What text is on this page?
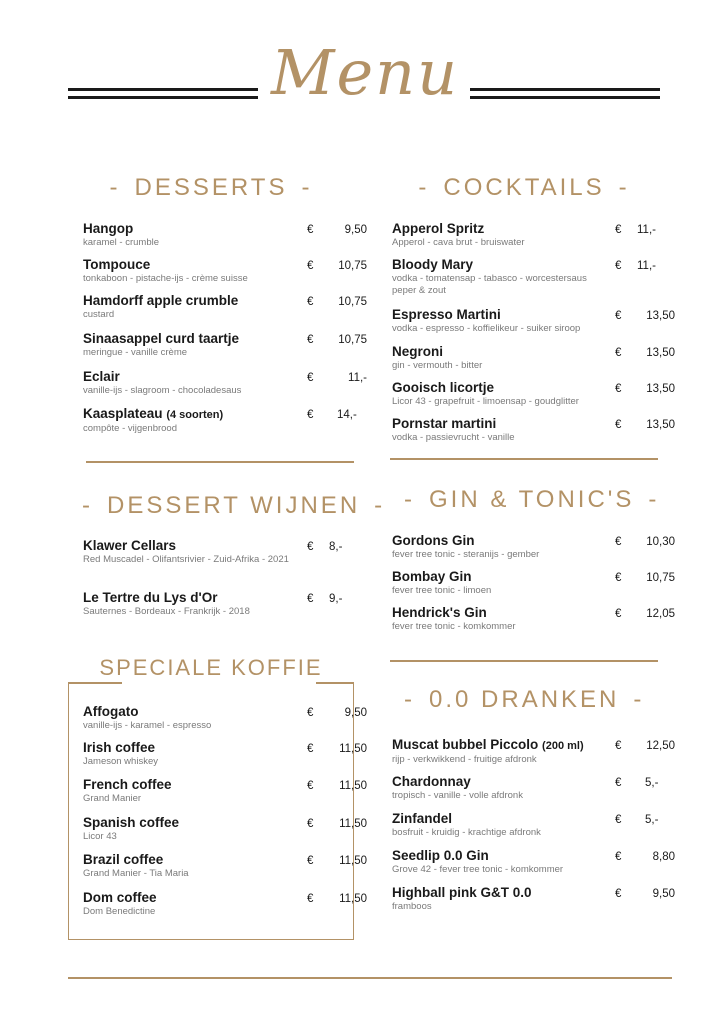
Menu
- DESSERTS -	- COCKTAILS -
- DESSERT WIJNEN - - GIN & TONIC'S -
SPECIALE KOFFIE
- 0.0 DRANKEN -
Hangop
karamel - crumble
€	9,50
Tompouce
tonkaboon - pistache-ijs - crème suisse
€ 10,75
Hamdorff apple crumble
custard
€ 10,75
Sinaasappel curd taartje
meringue - vanille crème
€ 10,75
Eclair
vanille-ijs - slagroom - chocoladesaus
€	11,-
Kaasplateau (4 soorten)
compôte - vijgenbrood
€ 14,-
Apperol Spritz
Apperol - cava brut - bruiswater
€ 11,-
Bloody Mary
vodka - tomatensap - tabasco - worcestersaus
peper & zout
€ 11,-
Espresso Martini
vodka - espresso - koffielikeur - suiker siroop
€ 13,50
Negroni
gin - vermouth - bitter
€ 13,50
Gooisch licortje
Licor 43 - grapefruit - limoensap - goudglitter
€ 13,50
Pornstar martini
vodka - passievrucht - vanille
€ 13,50
Klawer Cellars
Red Muscadel - Olifantsrivier - Zuid-Afrika - 2021
€ 8,-
Le Tertre du Lys d'Or
Sauternes - Bordeaux - Frankrijk - 2018
€ 9,-
Gordons Gin
fever tree tonic - steranijs - gember
€ 10,30
Bombay Gin
fever tree tonic - limoen
€ 10,75
Hendrick's Gin
fever tree tonic - komkommer
€ 12,05
Affogato
vanille-ijs - karamel - espresso
€	9,50
Irish coffee
Jameson whiskey
€ 11,50
French coffee
Grand Manier
€ 11,50
Spanish coffee
Licor 43
€ 11,50
Brazil coffee
Grand Manier - Tia Maria
€ 11,50
Dom coffee
Dom Benedictine
€ 11,50
Muscat bubbel Piccolo (200 ml)
rijp - verkwikkend - fruitige afdronk
€ 12,50
Chardonnay
tropisch - vanille - volle afdronk
€ 5,-
Zinfandel
bosfruit - kruidig - krachtige afdronk
€ 5,-
Seedlip 0.0 Gin
Grove 42 - fever tree tonic - komkommer
€	8,80
Highball pink G&T 0.0
framboos
€	9,50
